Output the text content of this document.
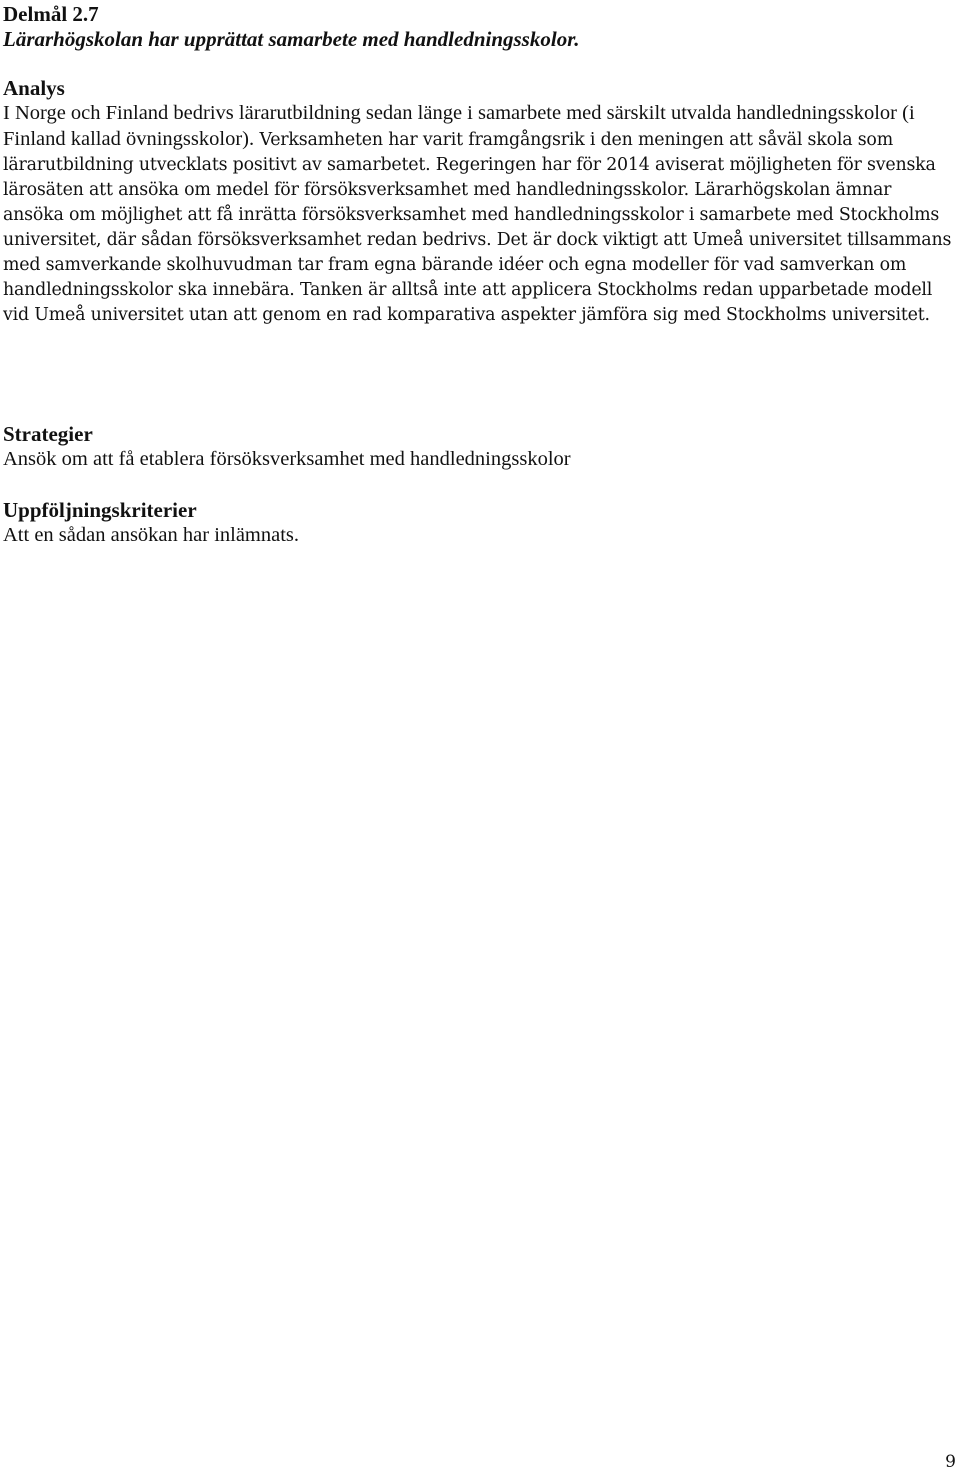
Delmål 2.7

Lärarhögskolan har upprättat samarbete med handledningsskolor.

Analys

I Norge och Finland bedrivs lärarutbildning sedan länge i samarbete med särskilt utvalda handledningsskolor (i Finland kallad övningsskolor). Verksamheten har varit framgångsrik i den meningen att såväl skola som lärarutbildning utvecklats positivt av samarbetet. Regeringen har för 2014 aviserat möjligheten för svenska lärosäten att ansöka om medel för försöksverksamhet med handledningsskolor. Lärarhögskolan ämnar ansöka om möjlighet att få inrätta försöksverksamhet med handledningsskolor i samarbete med Stockholms universitet, där sådan försöksverksamhet redan bedrivs. Det är dock viktigt att Umeå universitet tillsammans med samverkande skolhuvudman tar fram egna bärande idéer och egna modeller för vad samverkan om handledningsskolor ska innebära. Tanken är alltså inte att applicera Stockholms redan upparbetade modell vid Umeå universitet utan att genom en rad komparativa aspekter jämföra sig med Stockholms universitet.

Strategier

Ansök om att få etablera försöksverksamhet med handledningsskolor

Uppföljningskriterier

Att en sådan ansökan har inlämnats.

9
